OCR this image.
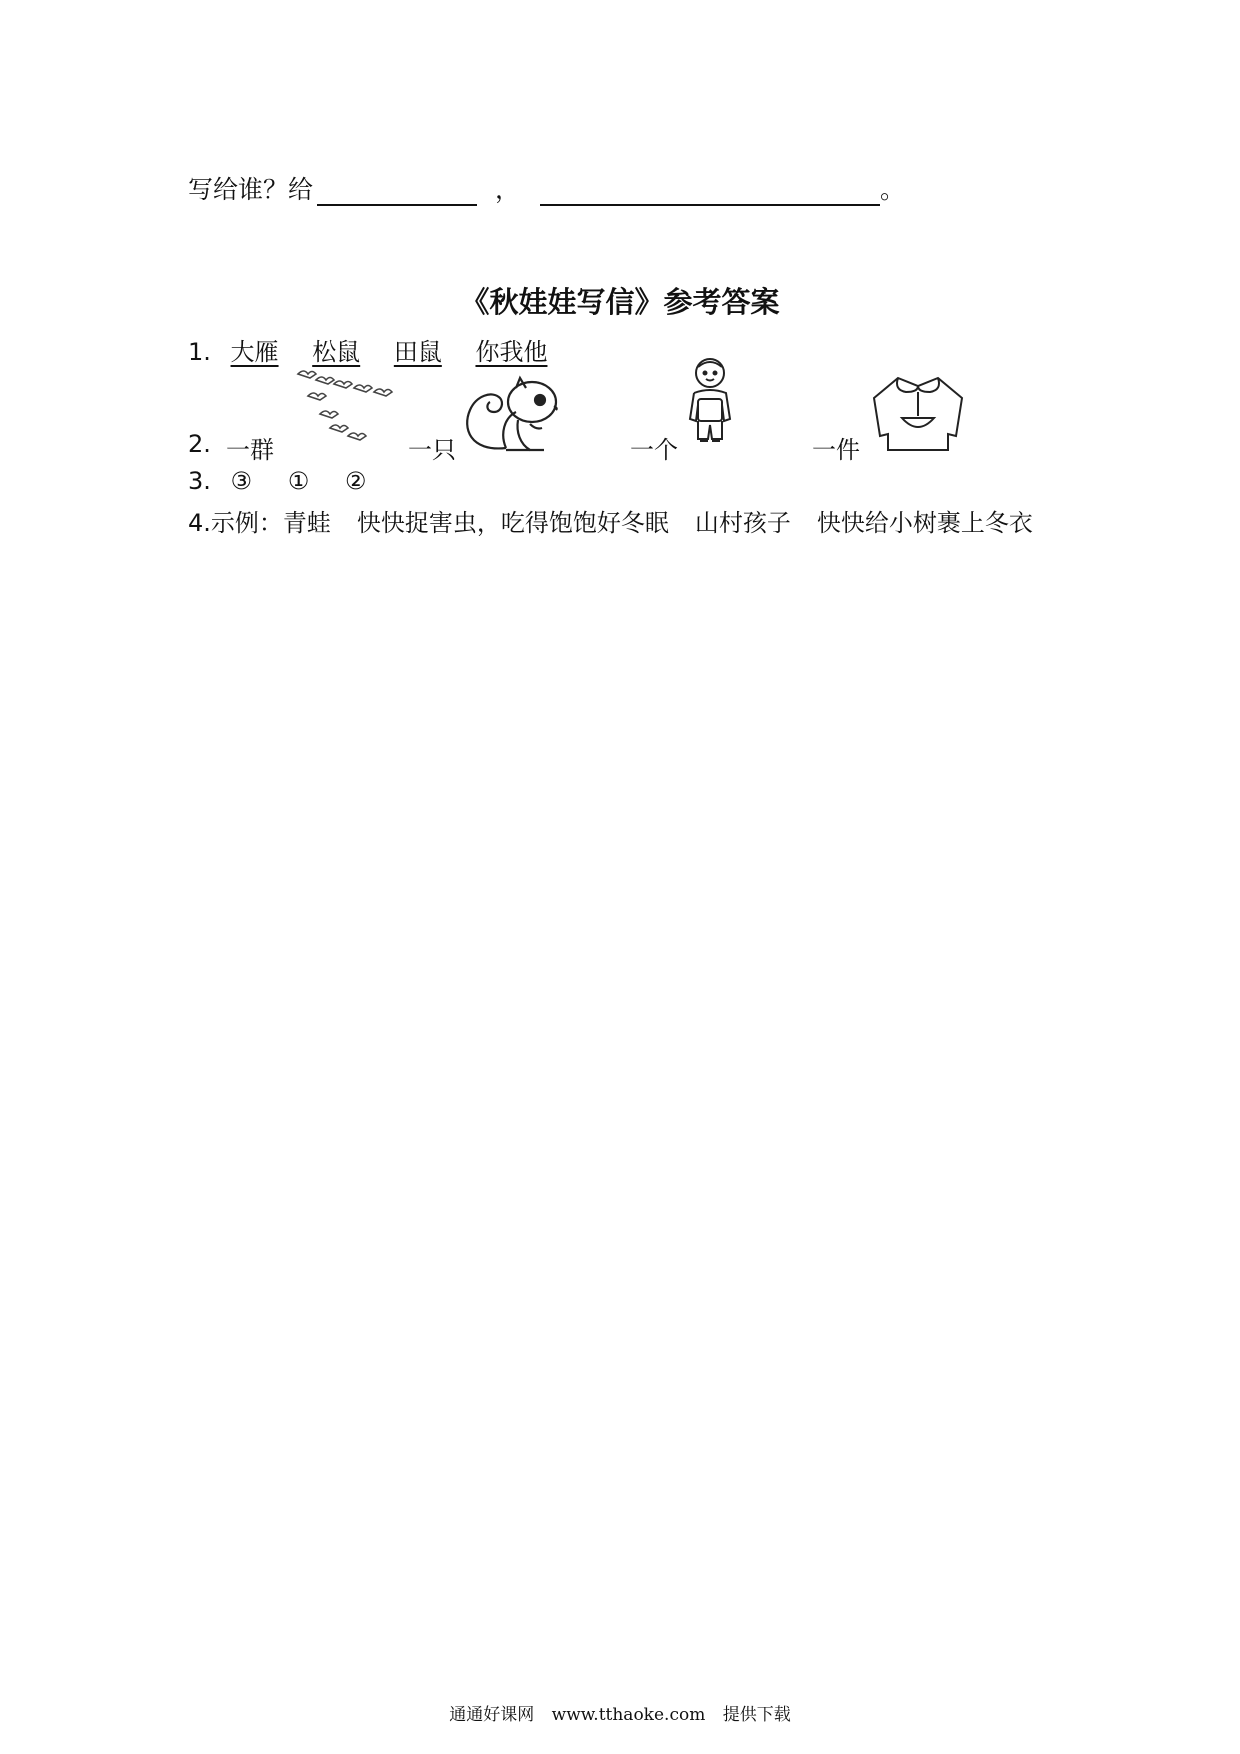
写给谁？给	，	。
《秋娃娃写信》参考答案
1. 大雁 松鼠 田鼠 你我他
2. 一群	一只	一个	一件
3. ③ ① ②
4.示例：青蛙 快快捉害虫，吃得饱饱好冬眠 山村孩子 快快给小树裹上冬衣
通通好课网 www.tthaoke.com 提供下载
